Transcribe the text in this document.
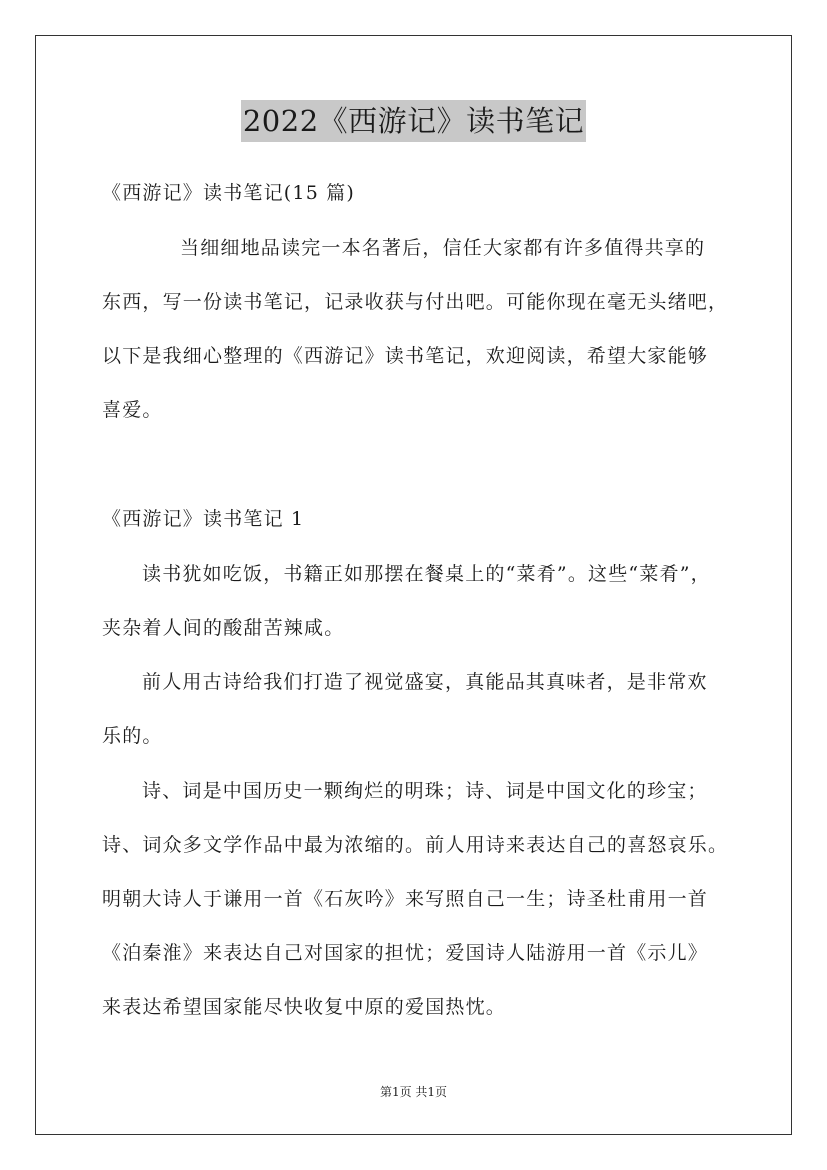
2022《西游记》读书笔记
《西游记》读书笔记(15 篇)
当细细地品读完一本名著后，信任大家都有许多值得共享的
东西，写一份读书笔记，记录收获与付出吧。可能你现在毫无头绪吧，
以下是我细心整理的《西游记》读书笔记，欢迎阅读，希望大家能够
喜爱。
《西游记》读书笔记 1
读书犹如吃饭，书籍正如那摆在餐桌上的“菜肴”。这些“菜肴”，
夹杂着人间的酸甜苦辣咸。
前人用古诗给我们打造了视觉盛宴，真能品其真味者，是非常欢
乐的。
诗、词是中国历史一颗绚烂的明珠；诗、词是中国文化的珍宝；
诗、词众多文学作品中最为浓缩的。前人用诗来表达自己的喜怒哀乐。
明朝大诗人于谦用一首《石灰吟》来写照自己一生；诗圣杜甫用一首
《泊秦淮》来表达自己对国家的担忧；爱国诗人陆游用一首《示儿》
来表达希望国家能尽快收复中原的爱国热忱。
第1页 共1页
